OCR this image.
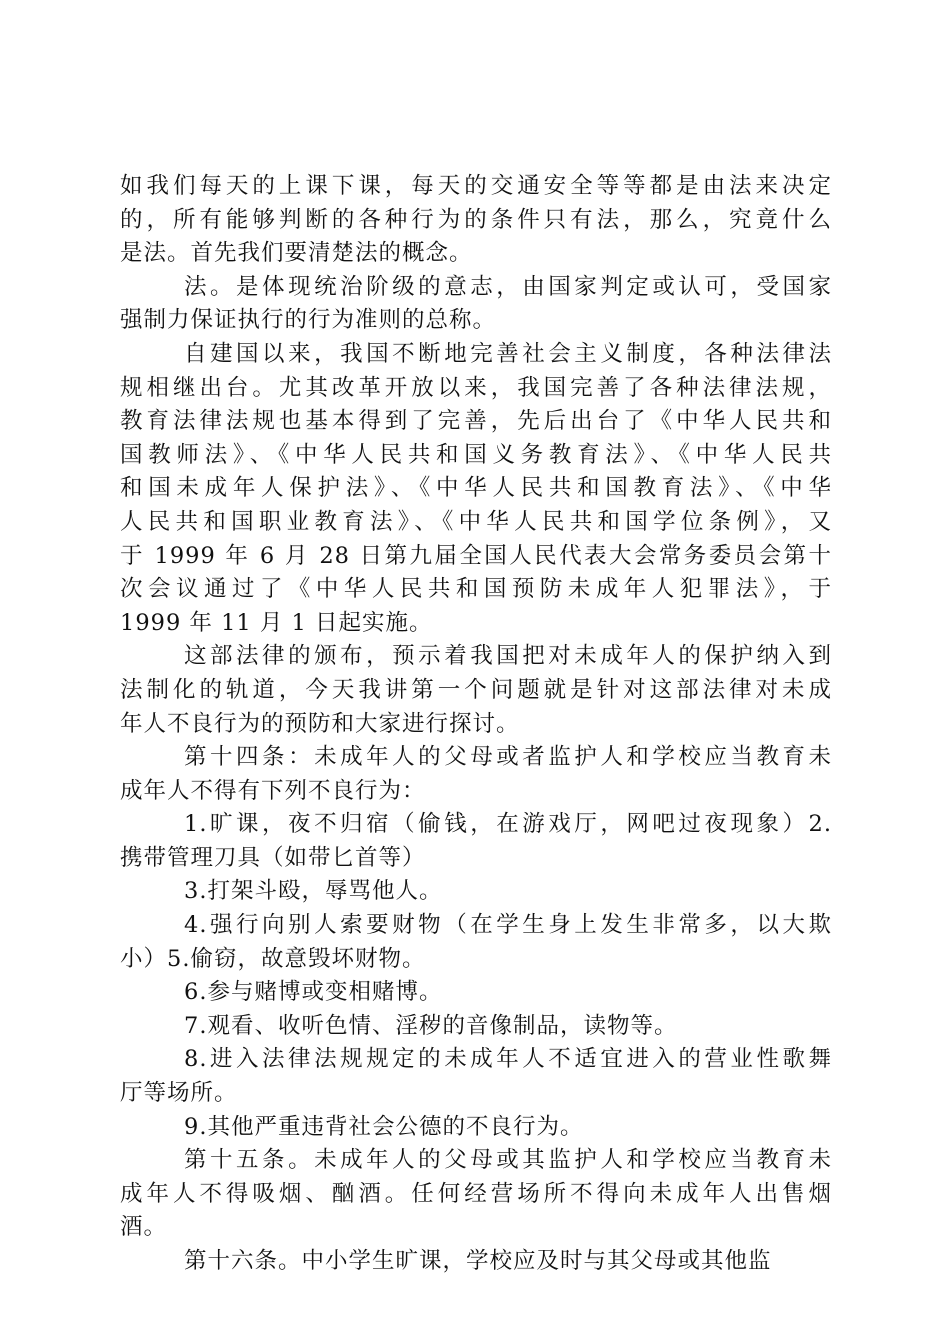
如我们每天的上课下课，每天的交通安全等等都是由法来决定
的，所有能够判断的各种行为的条件只有法，那么，究竟什么
是法。首先我们要清楚法的概念。

法。是体现统治阶级的意志，由国家判定或认可，受国家
强制力保证执行的行为准则的总称。

自建国以来，我国不断地完善社会主义制度，各种法律法
规相继出台。尤其改革开放以来，我国完善了各种法律法规，
教育法律法规也基本得到了完善，先后出台了《中华人民共和
国教师法》、《中华人民共和国义务教育法》、《中华人民共
和国未成年人保护法》、《中华人民共和国教育法》、《中华
人民共和国职业教育法》、《中华人民共和国学位条例》，又
于 1999 年 6 月 28 日第九届全国人民代表大会常务委员会第十
次会议通过了《中华人民共和国预防未成年人犯罪法》，于
1999 年 11 月 1 日起实施。

这部法律的颁布，预示着我国把对未成年人的保护纳入到
法制化的轨道，今天我讲第一个问题就是针对这部法律对未成
年人不良行为的预防和大家进行探讨。

第十四条：未成年人的父母或者监护人和学校应当教育未
成年人不得有下列不良行为：

1.旷课，夜不归宿（偷钱，在游戏厅，网吧过夜现象）2.
携带管理刀具（如带匕首等）

3.打架斗殴，辱骂他人。

4.强行向别人索要财物（在学生身上发生非常多，以大欺
小）5.偷窃，故意毁坏财物。

6.参与赌博或变相赌博。

7.观看、收听色情、淫秽的音像制品，读物等。

8.进入法律法规规定的未成年人不适宜进入的营业性歌舞
厅等场所。

9.其他严重违背社会公德的不良行为。

第十五条。未成年人的父母或其监护人和学校应当教育未
成年人不得吸烟、酗酒。任何经营场所不得向未成年人出售烟
酒。

第十六条。中小学生旷课，学校应及时与其父母或其他监
